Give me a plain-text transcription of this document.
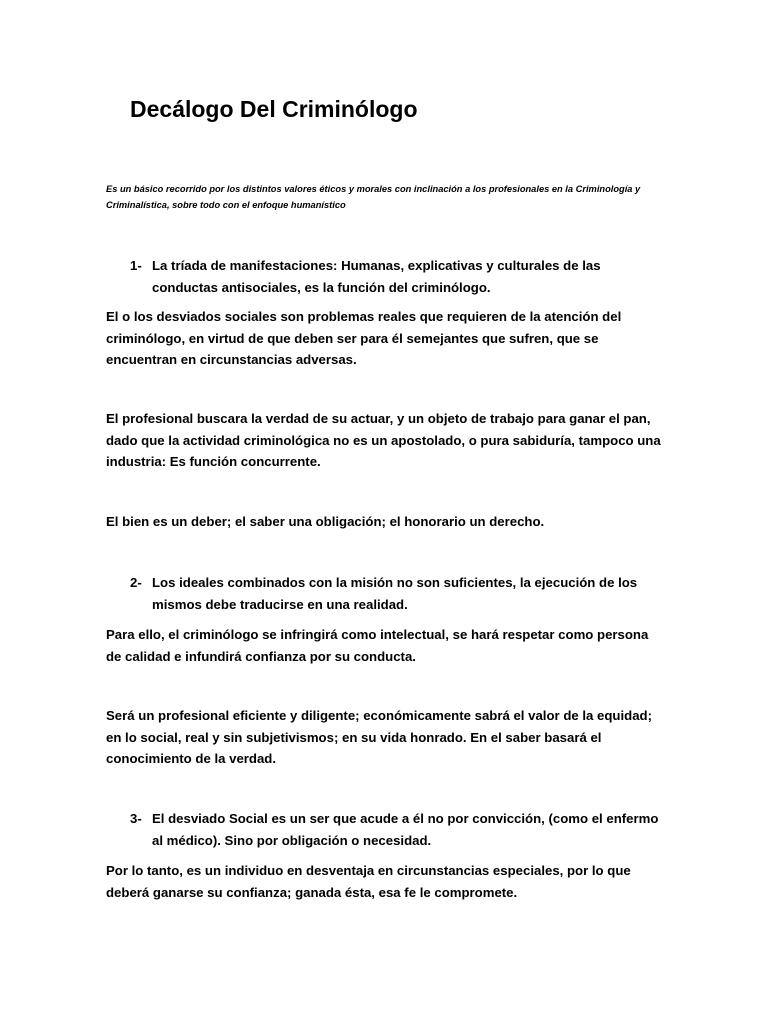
Decálogo Del Criminólogo

Es un básico recorrido por los distintos valores éticos y morales con inclinación a los profesionales en la Criminología y Criminalística, sobre todo con el enfoque humanístico

1- La tríada de manifestaciones: Humanas, explicativas y culturales de las conductas antisociales, es la función del criminólogo.

El o los desviados sociales son problemas reales que requieren de la atención del criminólogo, en virtud de que deben ser para él semejantes que sufren, que se encuentran en circunstancias adversas.

El profesional buscara la verdad de su actuar, y un objeto de trabajo para ganar el pan, dado que la actividad criminológica no es un apostolado, o pura sabiduría, tampoco una industria: Es función concurrente.

El bien es un deber; el saber una obligación; el honorario un derecho.

2- Los ideales combinados con la misión no son suficientes, la ejecución de los mismos debe traducirse en una realidad.

Para ello, el criminólogo se infringirá como intelectual, se hará respetar como persona de calidad e infundirá confianza por su conducta.

Será un profesional eficiente y diligente; económicamente sabrá el valor de la equidad; en lo social, real y sin subjetivismos; en su vida honrado. En el saber basará el conocimiento de la verdad.

3- El desviado Social es un ser que acude a él no por convicción, (como el enfermo al médico). Sino por obligación o necesidad.

Por lo tanto, es un individuo en desventaja en circunstancias especiales, por lo que deberá ganarse su confianza; ganada ésta, esa fe le compromete.
